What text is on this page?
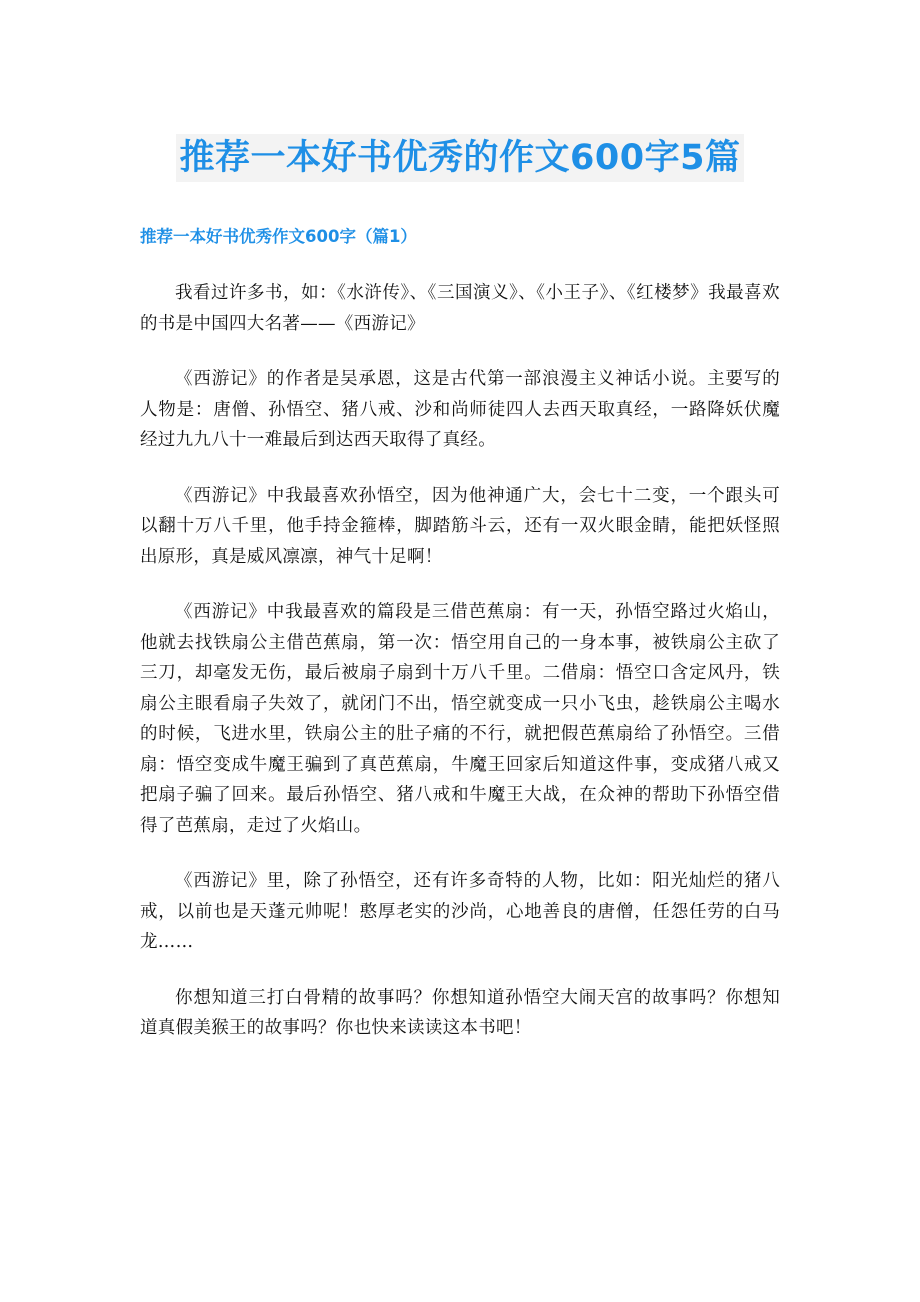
推荐一本好书优秀的作文600字5篇
推荐一本好书优秀作文600字（篇1）

我看过许多书，如：《水浒传》、《三国演义》、《小王子》、《红楼梦》我最喜欢的书是中国四大名著——《西游记》

《西游记》的作者是吴承恩，这是古代第一部浪漫主义神话小说。主要写的人物是：唐僧、孙悟空、猪八戒、沙和尚师徒四人去西天取真经，一路降妖伏魔经过九九八十一难最后到达西天取得了真经。

《西游记》中我最喜欢孙悟空，因为他神通广大，会七十二变，一个跟头可以翻十万八千里，他手持金箍棒，脚踏筋斗云，还有一双火眼金睛，能把妖怪照出原形，真是威风凛凛，神气十足啊！

《西游记》中我最喜欢的篇段是三借芭蕉扇：有一天，孙悟空路过火焰山，他就去找铁扇公主借芭蕉扇，第一次：悟空用自己的一身本事，被铁扇公主砍了三刀，却毫发无伤，最后被扇子扇到十万八千里。二借扇：悟空口含定风丹，铁扇公主眼看扇子失效了，就闭门不出，悟空就变成一只小飞虫，趁铁扇公主喝水的时候，飞进水里，铁扇公主的肚子痛的不行，就把假芭蕉扇给了孙悟空。三借扇：悟空变成牛魔王骗到了真芭蕉扇，牛魔王回家后知道这件事，变成猪八戒又把扇子骗了回来。最后孙悟空、猪八戒和牛魔王大战，在众神的帮助下孙悟空借得了芭蕉扇，走过了火焰山。

《西游记》里，除了孙悟空，还有许多奇特的人物，比如：阳光灿烂的猪八戒，以前也是天蓬元帅呢！憨厚老实的沙尚，心地善良的唐僧，任怨任劳的白马龙……

你想知道三打白骨精的故事吗？你想知道孙悟空大闹天宫的故事吗？你想知道真假美猴王的故事吗？你也快来读读这本书吧！
